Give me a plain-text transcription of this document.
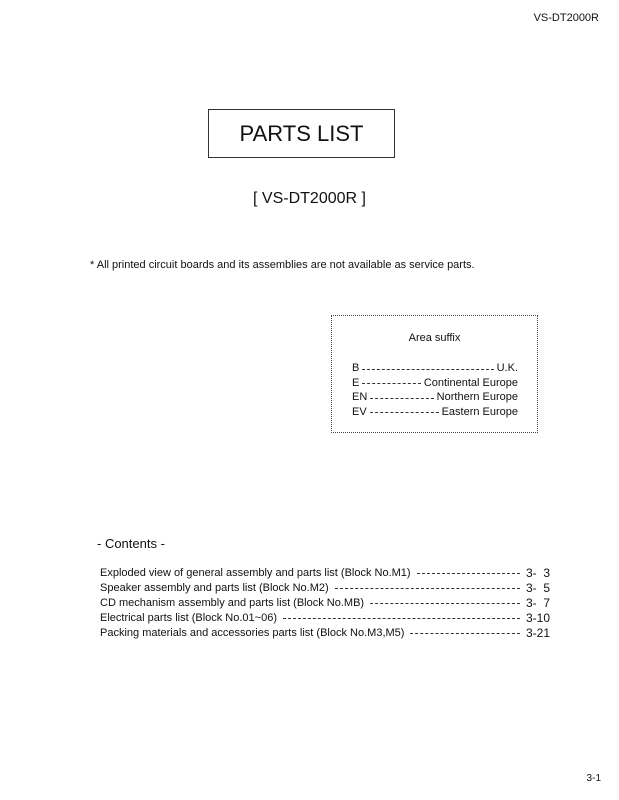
VS-DT2000R
PARTS LIST
[ VS-DT2000R ]
* All printed circuit boards and its assemblies are not available as service parts.
Area suffix
B	U.K.
E	Continental Europe
EN	Northern Europe
EV	Eastern Europe
- Contents -
Exploded view of general assembly and parts list (Block No.M1)	3-  3
Speaker assembly and parts list (Block No.M2)	3-  5
CD mechanism assembly and parts list (Block No.MB)	3-  7
Electrical parts list (Block No.01~06)	3-10
Packing materials and accessories parts list (Block No.M3,M5)	3-21
3-1
